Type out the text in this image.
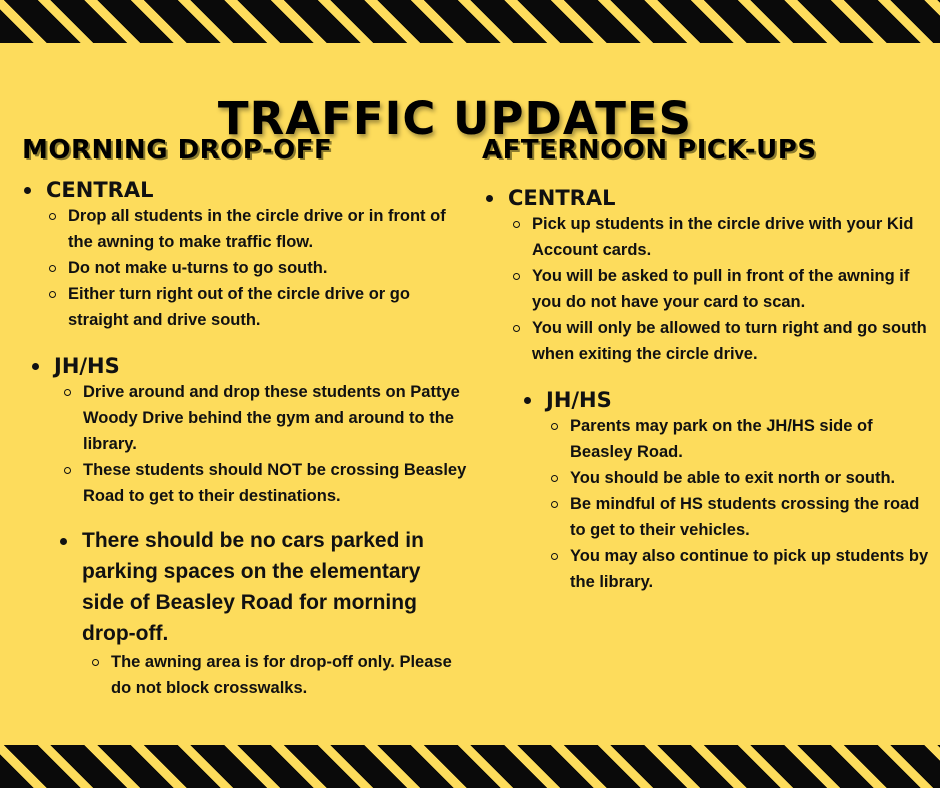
TRAFFIC UPDATES
MORNING DROP-OFF
CENTRAL
Drop all students in the circle drive or in front of the awning to make traffic flow.
Do not make u-turns to go south.
Either turn right out of the circle drive or go straight and drive south.
JH/HS
Drive around and drop these students on Pattye Woody Drive behind the gym and around to the library.
These students should NOT be crossing Beasley Road to get to their destinations.
There should be no cars parked in parking spaces on the elementary side of Beasley Road for morning drop-off.
The awning area is for drop-off only. Please do not block crosswalks.
AFTERNOON PICK-UPS
CENTRAL
Pick up students in the circle drive with your Kid Account cards.
You will be asked to pull in front of the awning if you do not have your card to scan.
You will only be allowed to turn right and go south when exiting the circle drive.
JH/HS
Parents may park on the JH/HS side of Beasley Road.
You should be able to exit north or south.
Be mindful of HS students crossing the road to get to their vehicles.
You may also continue to pick up students by the library.
